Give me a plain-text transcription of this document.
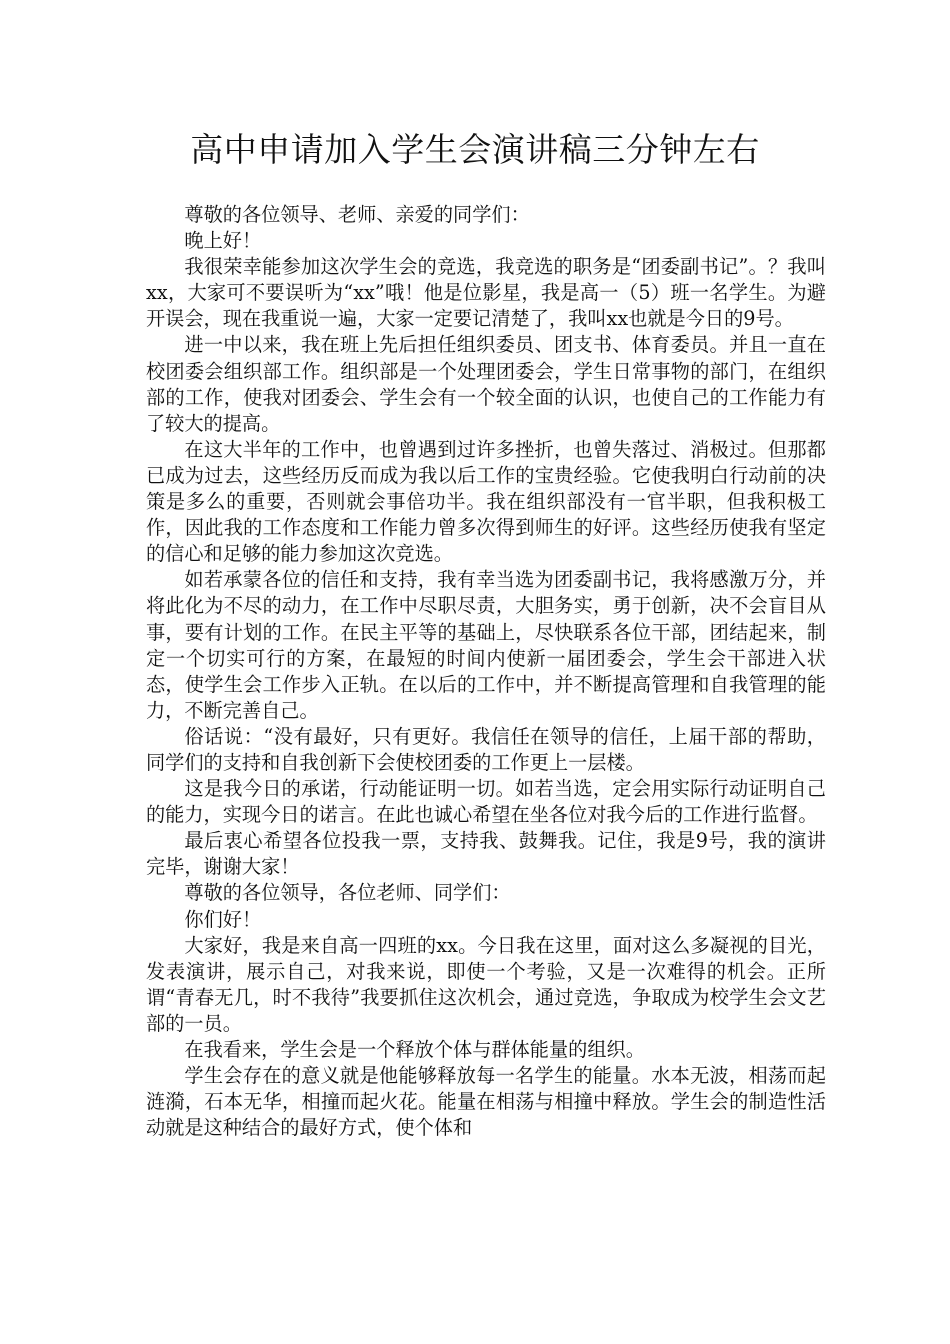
高中申请加入学生会演讲稿三分钟左右

尊敬的各位领导、老师、亲爱的同学们：

晚上好！

我很荣幸能参加这次学生会的竞选，我竞选的职务是“团委副书记”。？我叫xx，大家可不要误听为“xx”哦！他是位影星，我是高一（5）班一名学生。为避开误会，现在我重说一遍，大家一定要记清楚了，我叫xx也就是今日的9号。

进一中以来，我在班上先后担任组织委员、团支书、体育委员。并且一直在校团委会组织部工作。组织部是一个处理团委会，学生日常事物的部门，在组织部的工作，使我对团委会、学生会有一个较全面的认识，也使自己的工作能力有了较大的提高。

在这大半年的工作中，也曾遇到过许多挫折，也曾失落过、消极过。但那都已成为过去，这些经历反而成为我以后工作的宝贵经验。它使我明白行动前的决策是多么的重要，否则就会事倍功半。我在组织部没有一官半职，但我积极工作，因此我的工作态度和工作能力曾多次得到师生的好评。这些经历使我有坚定的信心和足够的能力参加这次竞选。

如若承蒙各位的信任和支持，我有幸当选为团委副书记，我将感激万分，并将此化为不尽的动力，在工作中尽职尽责，大胆务实，勇于创新，决不会盲目从事，要有计划的工作。在民主平等的基础上，尽快联系各位干部，团结起来，制定一个切实可行的方案，在最短的时间内使新一届团委会，学生会干部进入状态，使学生会工作步入正轨。在以后的工作中，并不断提高管理和自我管理的能力，不断完善自己。

俗话说：“没有最好，只有更好。我信任在领导的信任，上届干部的帮助，同学们的支持和自我创新下会使校团委的工作更上一层楼。

这是我今日的承诺，行动能证明一切。如若当选，定会用实际行动证明自己的能力，实现今日的诺言。在此也诚心希望在坐各位对我今后的工作进行监督。

最后衷心希望各位投我一票，支持我、鼓舞我。记住，我是9号，我的演讲完毕，谢谢大家！

尊敬的各位领导，各位老师、同学们：

你们好！

大家好，我是来自高一四班的xx。今日我在这里，面对这么多凝视的目光，发表演讲，展示自己，对我来说，即使一个考验，又是一次难得的机会。正所谓“青春无几，时不我待”我要抓住这次机会，通过竞选，争取成为校学生会文艺部的一员。

在我看来，学生会是一个释放个体与群体能量的组织。

学生会存在的意义就是他能够释放每一名学生的能量。水本无波，相荡而起涟漪，石本无华，相撞而起火花。能量在相荡与相撞中释放。学生会的制造性活动就是这种结合的最好方式，使个体和
